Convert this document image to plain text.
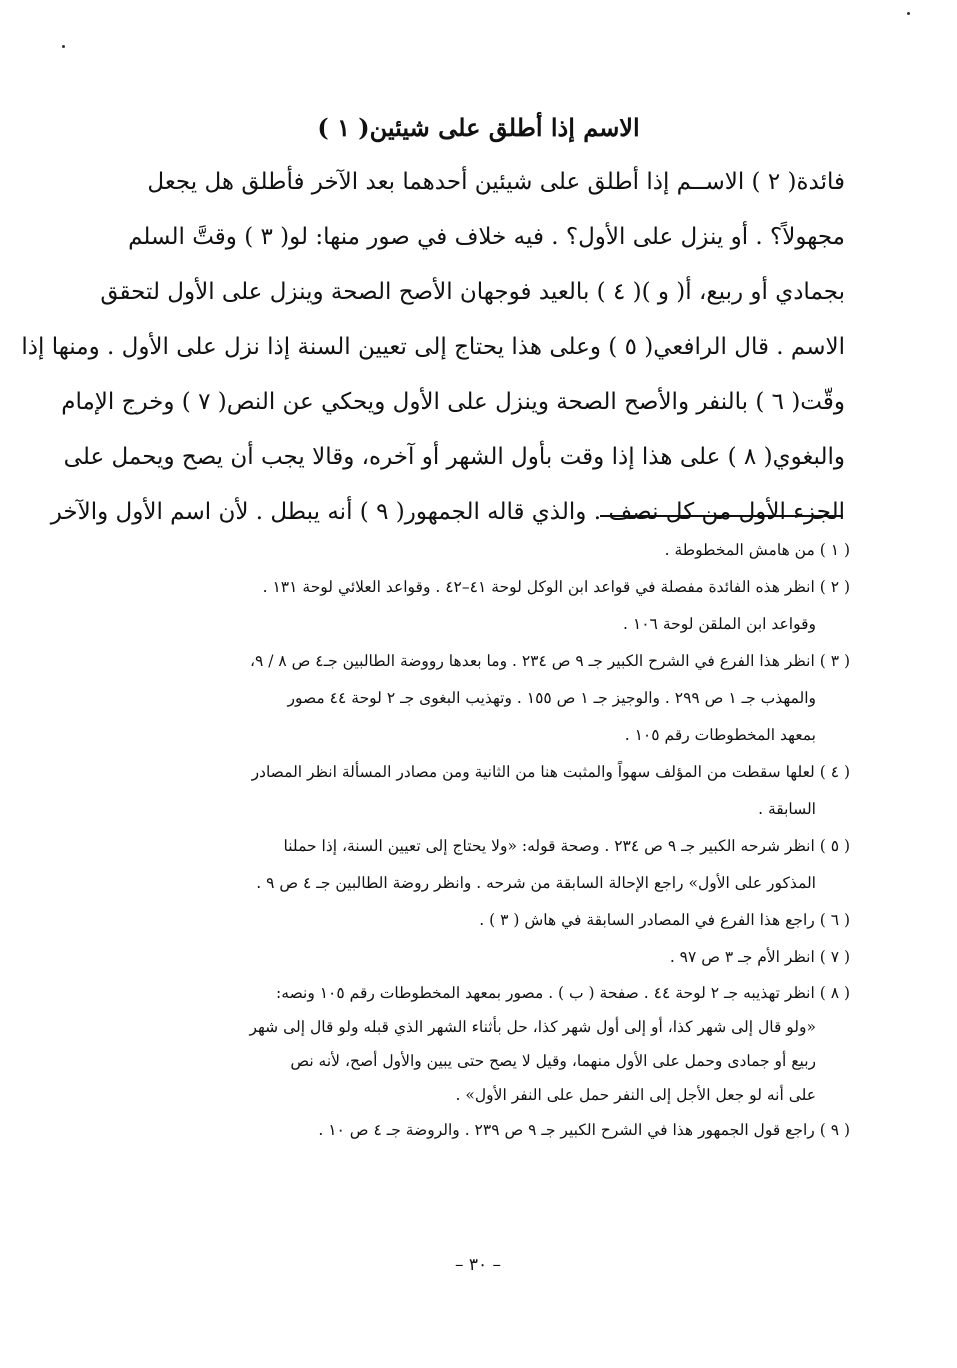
الاسم إذا أطلق على شيئين( ١ )
فائدة( ٢ ) الاســم إذا أطلق على شيئين أحدهما بعد الآخر فأطلق هل يجعل
مجهولاً؟ . أو ينزل على الأول؟ . فيه خلاف في صور منها: لو( ٣ ) وقتَّ السلم
بجمادي أو ربيع، أ( و )( ٤ ) بالعيد فوجهان الأصح الصحة وينزل على الأول لتحقق
الاسم . قال الرافعي( ٥ ) وعلى هذا يحتاج إلى تعيين السنة إذا نزل على الأول . ومنها إذا
وقّت( ٦ ) بالنفر والأصح الصحة وينزل على الأول ويحكي عن النص( ٧ ) وخرج الإمام
والبغوي( ٨ ) على هذا إذا وقت بأول الشهر أو آخره، وقالا يجب أن يصح ويحمل على
الجزء الأول من كل نصف . والذي قاله الجمهور( ٩ ) أنه يبطل . لأن اسم الأول والآخر
( ١ ) من هامش المخطوطة .
( ٢ ) انظر هذه الفائدة مفصلة في قواعد ابن الوكل لوحة ٤١–٤٢ . وقواعد العلائي لوحة ١٣١ .
وقواعد ابن الملقن لوحة ١٠٦ .
( ٣ ) انظر هذا الفرع في الشرح الكبير جـ ٩ ص ٢٣٤ . وما بعدها رووضة الطالبين جـ٤ ص ٨ / ٩،
والمهذب جـ ١ ص ٢٩٩ . والوجيز جـ ١ ص ١٥٥ . وتهذيب البغوى جـ ٢ لوحة ٤٤ مصور
بمعهد المخطوطات رقم ١٠٥ .
( ٤ ) لعلها سقطت من المؤلف سهواً والمثبت هنا من الثانية ومن مصادر المسألة انظر المصادر
السابقة .
( ٥ ) انظر شرحه الكبير جـ ٩ ص ٢٣٤ . وصحة قوله: «ولا يحتاج إلى تعيين السنة، إذا حملنا
المذكور على الأول» راجع الإحالة السابقة من شرحه . وانظر روضة الطالبين جـ ٤ ص ٩ .
( ٦ ) راجع هذا الفرع في المصادر السابقة في هاش ( ٣ ) .
( ٧ ) انظر الأم جـ ٣ ص ٩٧ .
( ٨ ) انظر تهذيبه جـ ٢ لوحة ٤٤ . صفحة ( ب ) . مصور بمعهد المخطوطات رقم ١٠٥ ونصه:
«ولو قال إلى شهر كذا، أو إلى أول شهر كذا، حل بأثناء الشهر الذي قبله ولو قال إلى شهر
ربيع أو جمادى وحمل على الأول منهما، وقيل لا يصح حتى يبين والأول أصح، لأنه نص
على أنه لو جعل الأجل إلى النفر حمل على النفر الأول» .
( ٩ ) راجع قول الجمهور هذا في الشرح الكبير جـ ٩ ص ٢٣٩ . والروضة جـ ٤ ص ١٠ .
– ٣٠ –
